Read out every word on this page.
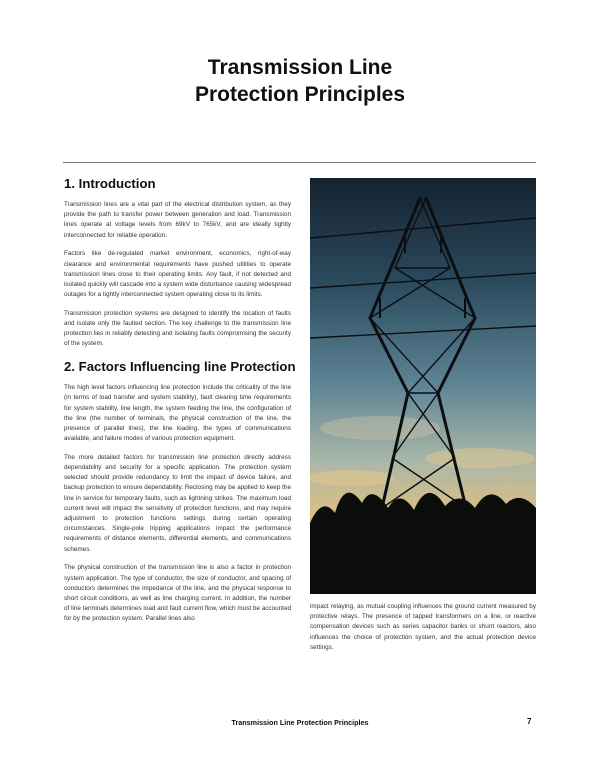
Transmission Line
Protection Principles
1. Introduction

Transmission lines are a vital part of the electrical distribution system, as they provide the path to transfer power between generation and load. Transmission lines operate at voltage levels from 69kV to 765kV, and are ideally tightly interconnected for reliable operation.

Factors like de-regulated market environment, economics, right-of-way clearance and environmental requirements have pushed utilities to operate transmission lines close to their operating limits. Any fault, if not detected and isolated quickly will cascade into a system wide disturbance causing widespread outages for a tightly interconnected system operating close to its limits.

Transmission protection systems are designed to identify the location of faults and isolate only the faulted section. The key challenge to the transmission line protection lies in reliably detecting and isolating faults compromising the security of the system.

2. Factors Influencing line Protection

The high level factors influencing line protection include the criticality of the line (in terms of load transfer and system stability), fault clearing time requirements for system stability, line length, the system feeding the line, the configuration of the line (the number of terminals, the physical construction of the line, the presence of parallel lines), the line loading, the types of communications available, and failure modes of various protection equipment.

The more detailed factors for transmission line protection directly address dependability and security for a specific application. The protection system selected should provide redundancy to limit the impact of device failure, and backup protection to ensure dependability. Reclosing may be applied to keep the line in service for temporary faults, such as lightning strikes. The maximum load current level will impact the sensitivity of protection functions, and may require adjustment to protection functions settings during certain operating circumstances. Single-pole tripping applications impact the performance requirements of distance elements, differential elements, and communications schemes.

The physical construction of the transmission line is also a factor in protection system application. The type of conductor, the size of conductor, and spacing of conductors determines the impedance of the line, and the physical response to short circuit conditions, as well as line charging current. In addition, the number of line terminals determines load and fault current flow, which must be accounted for by the protection system. Parallel lines also

impact relaying, as mutual coupling influences the ground current measured by protective relays. The presence of tapped transformers on a line, or reactive compensation devices such as series capacitor banks or shunt reactors, also influences the choice of protection system, and the actual protection device settings.

Transmission Line Protection Principles	7
